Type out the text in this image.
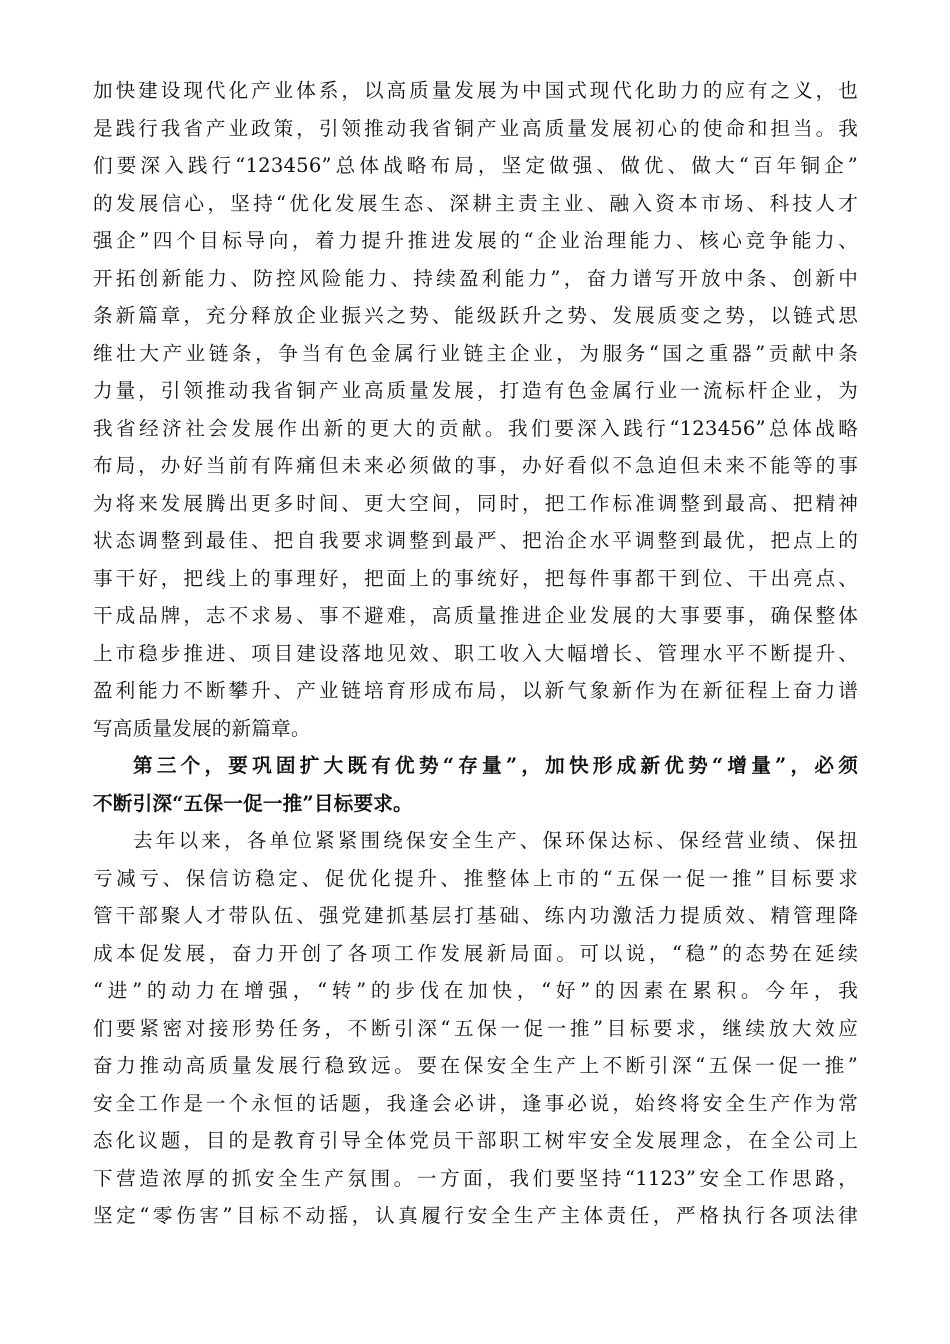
加快建设现代化产业体系，以高质量发展为中国式现代化助力的应有之义，也
是践行我省产业政策，引领推动我省铜产业高质量发展初心的使命和担当。我
们要深入践行“123456”总体战略布局，坚定做强、做优、做大“百年铜企”
的发展信心，坚持“优化发展生态、深耕主责主业、融入资本市场、科技人才
强企”四个目标导向，着力提升推进发展的“企业治理能力、核心竞争能力、
开拓创新能力、防控风险能力、持续盈利能力”，奋力谱写开放中条、创新中
条新篇章，充分释放企业振兴之势、能级跃升之势、发展质变之势，以链式思
维壮大产业链条，争当有色金属行业链主企业，为服务“国之重器”贡献中条
力量，引领推动我省铜产业高质量发展，打造有色金属行业一流标杆企业，为
我省经济社会发展作出新的更大的贡献。我们要深入践行“123456”总体战略
布局，办好当前有阵痛但未来必须做的事，办好看似不急迫但未来不能等的事
为将来发展腾出更多时间、更大空间，同时，把工作标准调整到最高、把精神
状态调整到最佳、把自我要求调整到最严、把治企水平调整到最优，把点上的
事干好，把线上的事理好，把面上的事统好，把每件事都干到位、干出亮点、
干成品牌，志不求易、事不避难，高质量推进企业发展的大事要事，确保整体
上市稳步推进、项目建设落地见效、职工收入大幅增长、管理水平不断提升、
盈利能力不断攀升、产业链培育形成布局，以新气象新作为在新征程上奋力谱
写高质量发展的新篇章。
第三个，要巩固扩大既有优势“存量”，加快形成新优势“增量”，必须
不断引深“五保一促一推”目标要求。
去年以来，各单位紧紧围绕保安全生产、保环保达标、保经营业绩、保扭
亏减亏、保信访稳定、促优化提升、推整体上市的“五保一促一推”目标要求
管干部聚人才带队伍、强党建抓基层打基础、练内功激活力提质效、精管理降
成本促发展，奋力开创了各项工作发展新局面。可以说，“稳”的态势在延续
“进”的动力在增强，“转”的步伐在加快，“好”的因素在累积。今年，我
们要紧密对接形势任务，不断引深“五保一促一推”目标要求，继续放大效应
奋力推动高质量发展行稳致远。要在保安全生产上不断引深“五保一促一推”
安全工作是一个永恒的话题，我逢会必讲，逢事必说，始终将安全生产作为常
态化议题，目的是教育引导全体党员干部职工树牢安全发展理念，在全公司上
下营造浓厚的抓安全生产氛围。一方面，我们要坚持“1123”安全工作思路，
坚定“零伤害”目标不动摇，认真履行安全生产主体责任，严格执行各项法律
